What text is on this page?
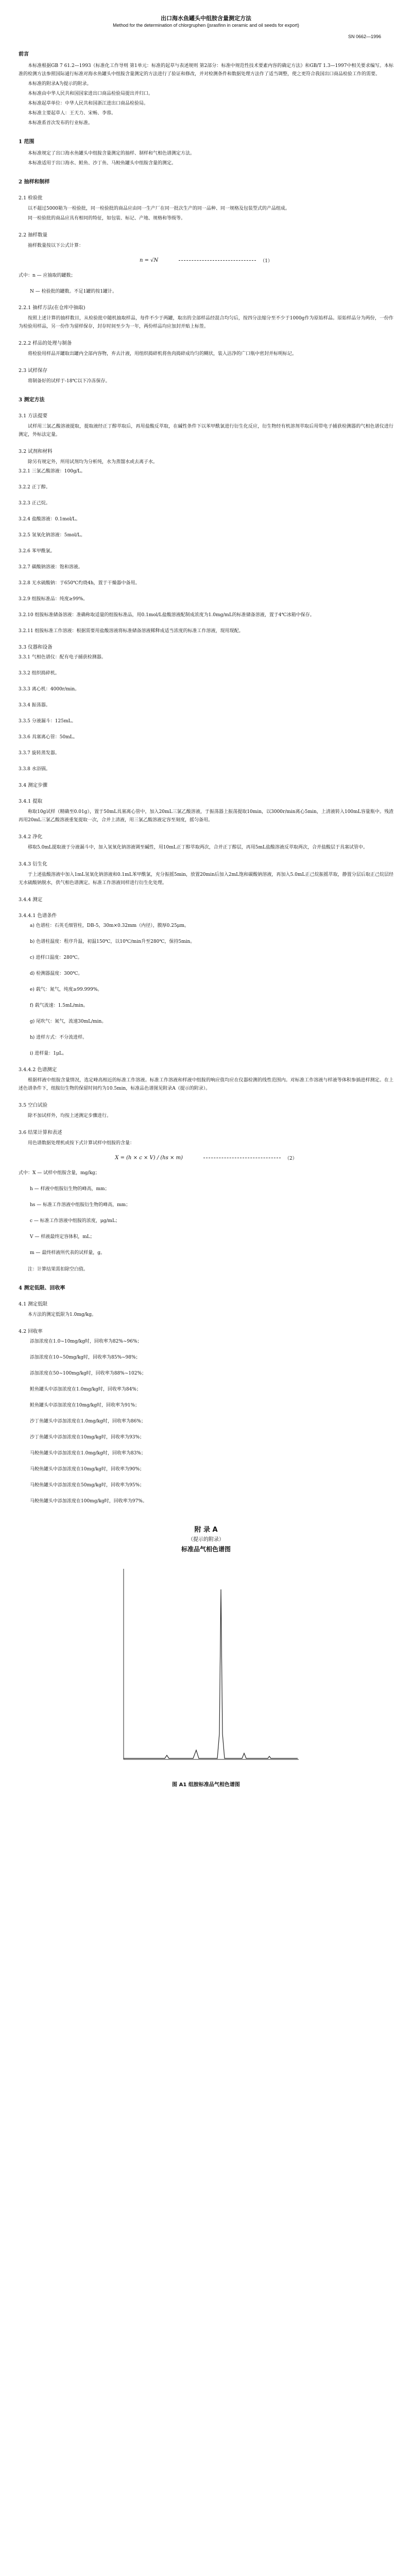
出口海水鱼罐头中组胺含量测定方法
Method for the determination of chlorgruphen (jsrasfinn in ceramic and oil seeds for export)
SN 0662—1996
前言

本标准根据GB 7 61.2—1993《标准化工作导则 第1单元：标准的起草与表述规则 第2部分：标准中规范性技术要素内容的确定方法》和GB/T 1.3—1997中相关要求编写。本标准的检测方法参照国际通行标准对海水鱼罐头中组胺含量测定的方法进行了验证和修改，并对检测条件和数据处理方法作了适当调整，使之更符合我国出口商品检验工作的需要。

本标准的附录A为提示的附录。

本标准由中华人民共和国国家进出口商品检验局提出并归口。

本标准起草单位：中华人民共和国浙江进出口商品检验局。

本标准主要起草人：王天力、宋畅、李蓉。

本标准系首次发布的行业标准。

1 范围

本标准规定了出口海水鱼罐头中组胺含量测定的抽样、制样和气相色谱测定方法。

本标准适用于出口海水、鲑鱼、沙丁鱼、马鲛鱼罐头中组胺含量的测定。

2 抽样和制样
2.1 检验批

以不超过5000箱为一检验批，同一检验批的商品应由同一生产厂在同一批次生产的同一品种、同一规格及包装型式的产品组成。

同一检验批的商品应具有相同的特征，如包装、标记、产地、规格和等级等。

2.2 抽样数量

抽样数量按以下公式计算：

n = √N	（1）
式中：n — 应抽取的罐数；
N — 检验批的罐数。不足1罐的按1罐计。
2.2.1 抽样方法(在仓库中抽取)

按照上述计算的抽样数目，从检验批中随机抽取样品，每件不少于两罐，取出的全部样品经混合均匀后，按四分法缩分至不少于1000g作为原始样品。原始样品分为两份，一份作为检验用样品，另一份作为留样保存，封存时间至少为一年，两份样品均应加封并贴上标签。

2.2.2 样品的处理与制备

将检验用样品开罐取出罐内全部内容物，弃去汁液，用组织捣碎机将鱼肉捣碎成均匀的糊状，装入洁净的广口瓶中密封并标明标记。

2.3 试样保存

将制备好的试样于-18℃以下冷冻保存。

3 测定方法
3.1 方法提要

试样用三氯乙酸溶液提取，提取液经正丁醇萃取后，再用盐酸反萃取，在碱性条件下以苯甲酰氯进行衍生化反应，衍生物经有机溶剂萃取后用带电子捕获检测器的气相色谱仪进行测定，外标法定量。

3.2 试剂和材料

除另有规定外，所用试剂均为分析纯，水为蒸馏水或去离子水。

3.2.1 三氯乙酸溶液：100g/L。
3.2.2 正丁醇。
3.2.3 正己烷。
3.2.4 盐酸溶液：0.1mol/L。
3.2.5 氢氧化钠溶液：5mol/L。
3.2.6 苯甲酰氯。
3.2.7 碳酸钠溶液：饱和溶液。
3.2.8 无水硫酸钠：于650℃灼烧4h，置于干燥器中备用。
3.2.9 组胺标准品：纯度≥99%。
3.2.10 组胺标准储备溶液：准确称取适量的组胺标准品，用0.1mol/L盐酸溶液配制成浓度为1.0mg/mL的标准储备溶液，置于4℃冰箱中保存。
3.2.11 组胺标准工作溶液：根据需要用盐酸溶液将标准储备溶液稀释成适当浓度的标准工作溶液，现用现配。
3.3 仪器和设备
3.3.1 气相色谱仪：配有电子捕获检测器。
3.3.2 组织捣碎机。
3.3.3 离心机：4000r/min。
3.3.4 振荡器。
3.3.5 分液漏斗：125mL。
3.3.6 具塞离心管：50mL。
3.3.7 旋转蒸发器。
3.3.8 水浴锅。
3.4 测定步骤
3.4.1 提取

称取10g试样（精确至0.01g），置于50mL具塞离心管中，加入20mL三氯乙酸溶液，于振荡器上振荡提取10min，以3000r/min离心5min，上清液转入100mL容量瓶中。残渣再用20mL三氯乙酸溶液重复提取一次，合并上清液，用三氯乙酸溶液定容至刻度，摇匀备用。

3.4.2 净化

移取5.0mL提取液于分液漏斗中，加入氢氧化钠溶液调至碱性，用10mL正丁醇萃取两次，合并正丁醇层，再用5mL盐酸溶液反萃取两次，合并盐酸层于具塞试管中。

3.4.3 衍生化

于上述盐酸溶液中加入1mL氢氧化钠溶液和0.1mL苯甲酰氯，充分振摇5min，放置20min后加入2mL饱和碳酸钠溶液，再加入5.0mL正己烷振摇萃取，静置分层后取正己烷层经无水硫酸钠脱水，供气相色谱测定。标准工作溶液同样进行衍生化处理。

3.4.4 测定
3.4.4.1 色谱条件
a) 色谱柱：石英毛细管柱，DB-5，30m×0.32mm（内径），膜厚0.25μm。
b) 色谱柱温度：程序升温，初温150℃，以10℃/min升至280℃，保持5min。
c) 进样口温度：280℃。
d) 检测器温度：300℃。
e) 载气：氮气，纯度≥99.999%。
f) 载气流速：1.5mL/min。
g) 尾吹气：氮气，流速30mL/min。
h) 进样方式：不分流进样。
i) 进样量：1μL。
3.4.4.2 色谱测定

根据样液中组胺含量情况，选定峰高相近的标准工作溶液。标准工作溶液和样液中组胺的响应值均应在仪器检测的线性范围内。对标准工作溶液与样液等体积参插进样测定。在上述色谱条件下，组胺衍生物的保留时间约为10.5min，标准品色谱图见附录A（提示的附录）。

3.5 空白试验

除不加试样外，均按上述测定步骤进行。

3.6 结果计算和表述

用色谱数据处理机或按下式计算试样中组胺的含量：

X = (h × c × V) / (hs × m)	（2）
式中：X — 试样中组胺含量，mg/kg；
h — 样液中组胺衍生物的峰高，mm；
hs — 标准工作溶液中组胺衍生物的峰高，mm；
c — 标准工作溶液中组胺的浓度，μg/mL；
V — 样液最终定容体积，mL；
m — 最终样液所代表的试样量，g。

注：计算结果需扣除空白值。

4 测定低限、回收率
4.1 测定低限

本方法的测定低限为1.0mg/kg。

4.2 回收率
添加浓度在1.0~10mg/kg时，回收率为82%~96%；
添加浓度在10~50mg/kg时，回收率为85%~98%；
添加浓度在50~100mg/kg时，回收率为88%~102%；
鲑鱼罐头中添加浓度在1.0mg/kg时，回收率为84%；
鲑鱼罐头中添加浓度在10mg/kg时，回收率为91%；
沙丁鱼罐头中添加浓度在1.0mg/kg时，回收率为86%；
沙丁鱼罐头中添加浓度在10mg/kg时，回收率为93%；
马鲛鱼罐头中添加浓度在1.0mg/kg时，回收率为83%；
马鲛鱼罐头中添加浓度在10mg/kg时，回收率为90%；
马鲛鱼罐头中添加浓度在50mg/kg时，回收率为95%；
马鲛鱼罐头中添加浓度在100mg/kg时，回收率为97%。
附 录 A
（提示的附录）
标准品气相色谱图
图 A1 组胺标准品气相色谱图
